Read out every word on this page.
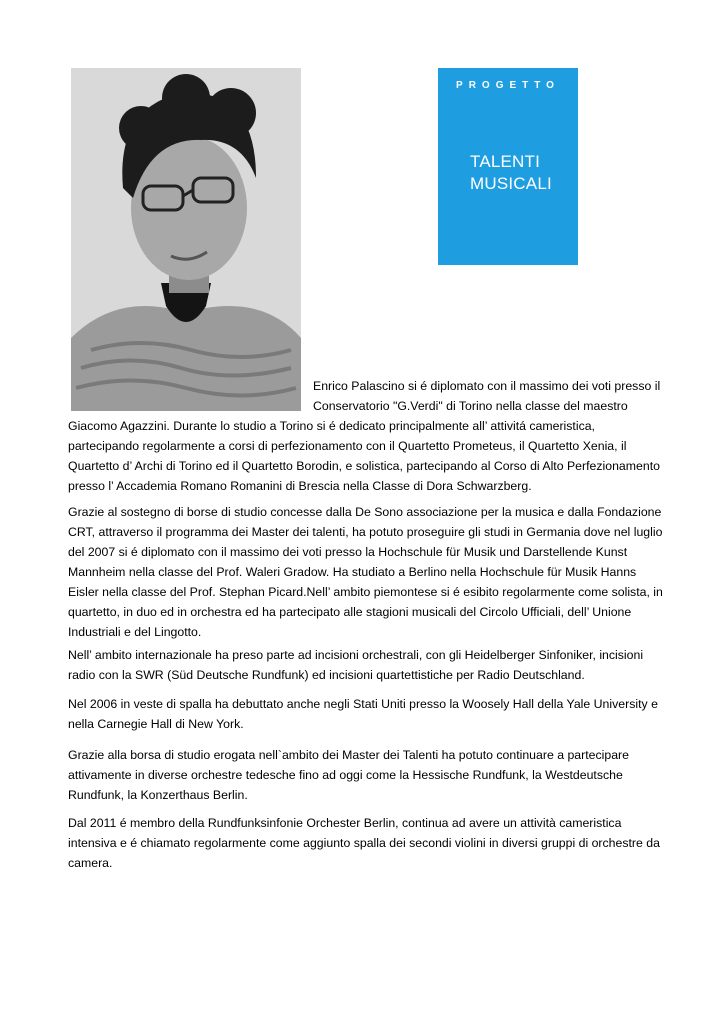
PROGETTO
TALENTI
MUSICALI
Enrico Palascino si é diplomato con il massimo dei voti presso il Conservatorio "G.Verdi" di Torino nella classe del maestro
Giacomo Agazzini. Durante lo studio a Torino si é dedicato principalmente all’ attivitá cameristica, partecipando regolarmente a corsi di perfezionamento con il Quartetto Prometeus, il Quartetto Xenia, il Quartetto d’ Archi di Torino ed il Quartetto Borodin, e solistica, partecipando al Corso di Alto Perfezionamento presso l’ Accademia Romano Romanini di Brescia nella Classe di Dora Schwarzberg.

Grazie al sostegno di borse di studio concesse dalla De Sono associazione per la musica e dalla Fondazione CRT, attraverso il programma dei Master dei talenti, ha potuto proseguire gli studi in Germania dove nel luglio del 2007 si é diplomato con il massimo dei voti presso la Hochschule für Musik und Darstellende Kunst Mannheim nella classe del Prof. Waleri Gradow. Ha studiato a Berlino nella Hochschule für Musik Hanns Eisler nella classe del Prof. Stephan Picard.Nell’ ambito piemontese si é esibito regolarmente come solista, in quartetto, in duo ed in orchestra ed ha partecipato alle stagioni musicali del Circolo Ufficiali, dell’ Unione Industriali e del Lingotto.

Nell’ ambito internazionale ha preso parte ad incisioni orchestrali, con gli Heidelberger Sinfoniker, incisioni radio con la SWR (Süd Deutsche Rundfunk) ed incisioni quartettistiche per Radio Deutschland.

Nel 2006 in veste di spalla ha debuttato anche negli Stati Uniti presso la Woosely Hall della Yale University e nella Carnegie Hall di New York.

Grazie alla borsa di studio erogata nell`ambito dei Master dei Talenti ha potuto continuare a partecipare attivamente in diverse orchestre tedesche fino ad oggi come la Hessische Rundfunk, la Westdeutsche Rundfunk, la Konzerthaus Berlin.

Dal 2011 é membro della Rundfunksinfonie Orchester Berlin, continua ad avere un attività cameristica intensiva e é chiamato regolarmente come aggiunto spalla dei secondi violini in diversi gruppi di orchestre da camera.
